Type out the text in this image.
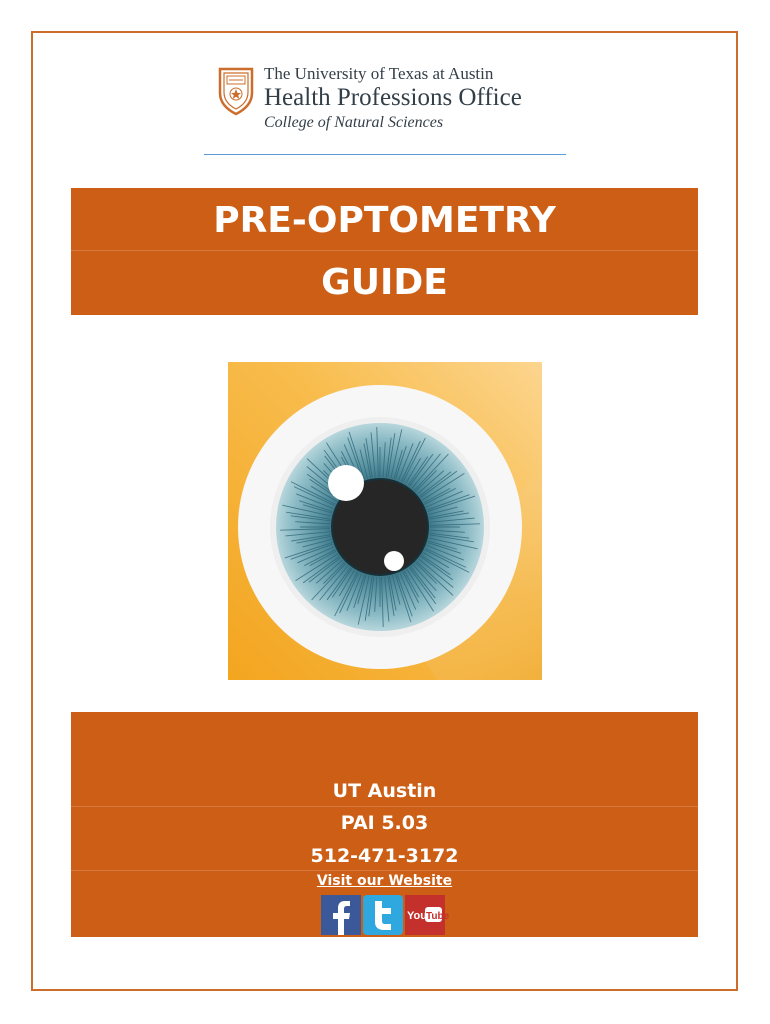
The University of Texas at Austin
Health Professions Office
College of Natural Sciences
PRE-OPTOMETRY
GUIDE
UT Austin
PAI 5.03
512-471-3172
Visit our Website
You Tube
